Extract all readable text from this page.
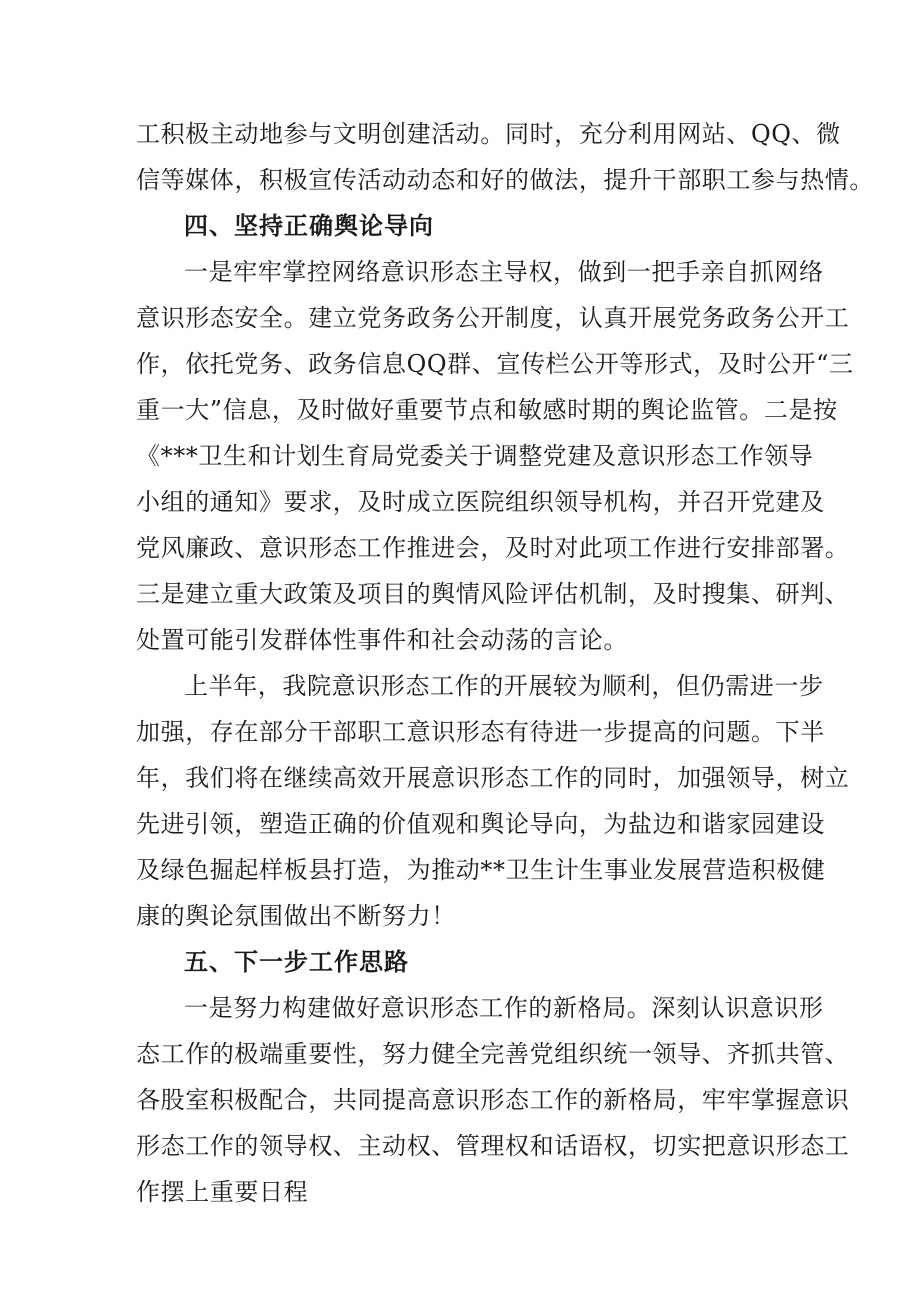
工积极主动地参与文明创建活动。同时，充分利用网站、QQ、微
信等媒体，积极宣传活动动态和好的做法，提升干部职工参与热情。
四、坚持正确舆论导向
一是牢牢掌控网络意识形态主导权，做到一把手亲自抓网络
意识形态安全。建立党务政务公开制度，认真开展党务政务公开工
作，依托党务、政务信息QQ群、宣传栏公开等形式，及时公开“三
重一大”信息，及时做好重要节点和敏感时期的舆论监管。二是按
《***卫生和计划生育局党委关于调整党建及意识形态工作领导
小组的通知》要求，及时成立医院组织领导机构，并召开党建及
党风廉政、意识形态工作推进会，及时对此项工作进行安排部署。
三是建立重大政策及项目的舆情风险评估机制，及时搜集、研判、
处置可能引发群体性事件和社会动荡的言论。
上半年，我院意识形态工作的开展较为顺利，但仍需进一步
加强，存在部分干部职工意识形态有待进一步提高的问题。下半
年，我们将在继续高效开展意识形态工作的同时，加强领导，树立
先进引领，塑造正确的价值观和舆论导向，为盐边和谐家园建设
及绿色掘起样板县打造，为推动**卫生计生事业发展营造积极健
康的舆论氛围做出不断努力！
五、下一步工作思路
一是努力构建做好意识形态工作的新格局。深刻认识意识形
态工作的极端重要性，努力健全完善党组织统一领导、齐抓共管、
各股室积极配合，共同提高意识形态工作的新格局，牢牢掌握意识
形态工作的领导权、主动权、管理权和话语权，切实把意识形态工
作摆上重要日程
